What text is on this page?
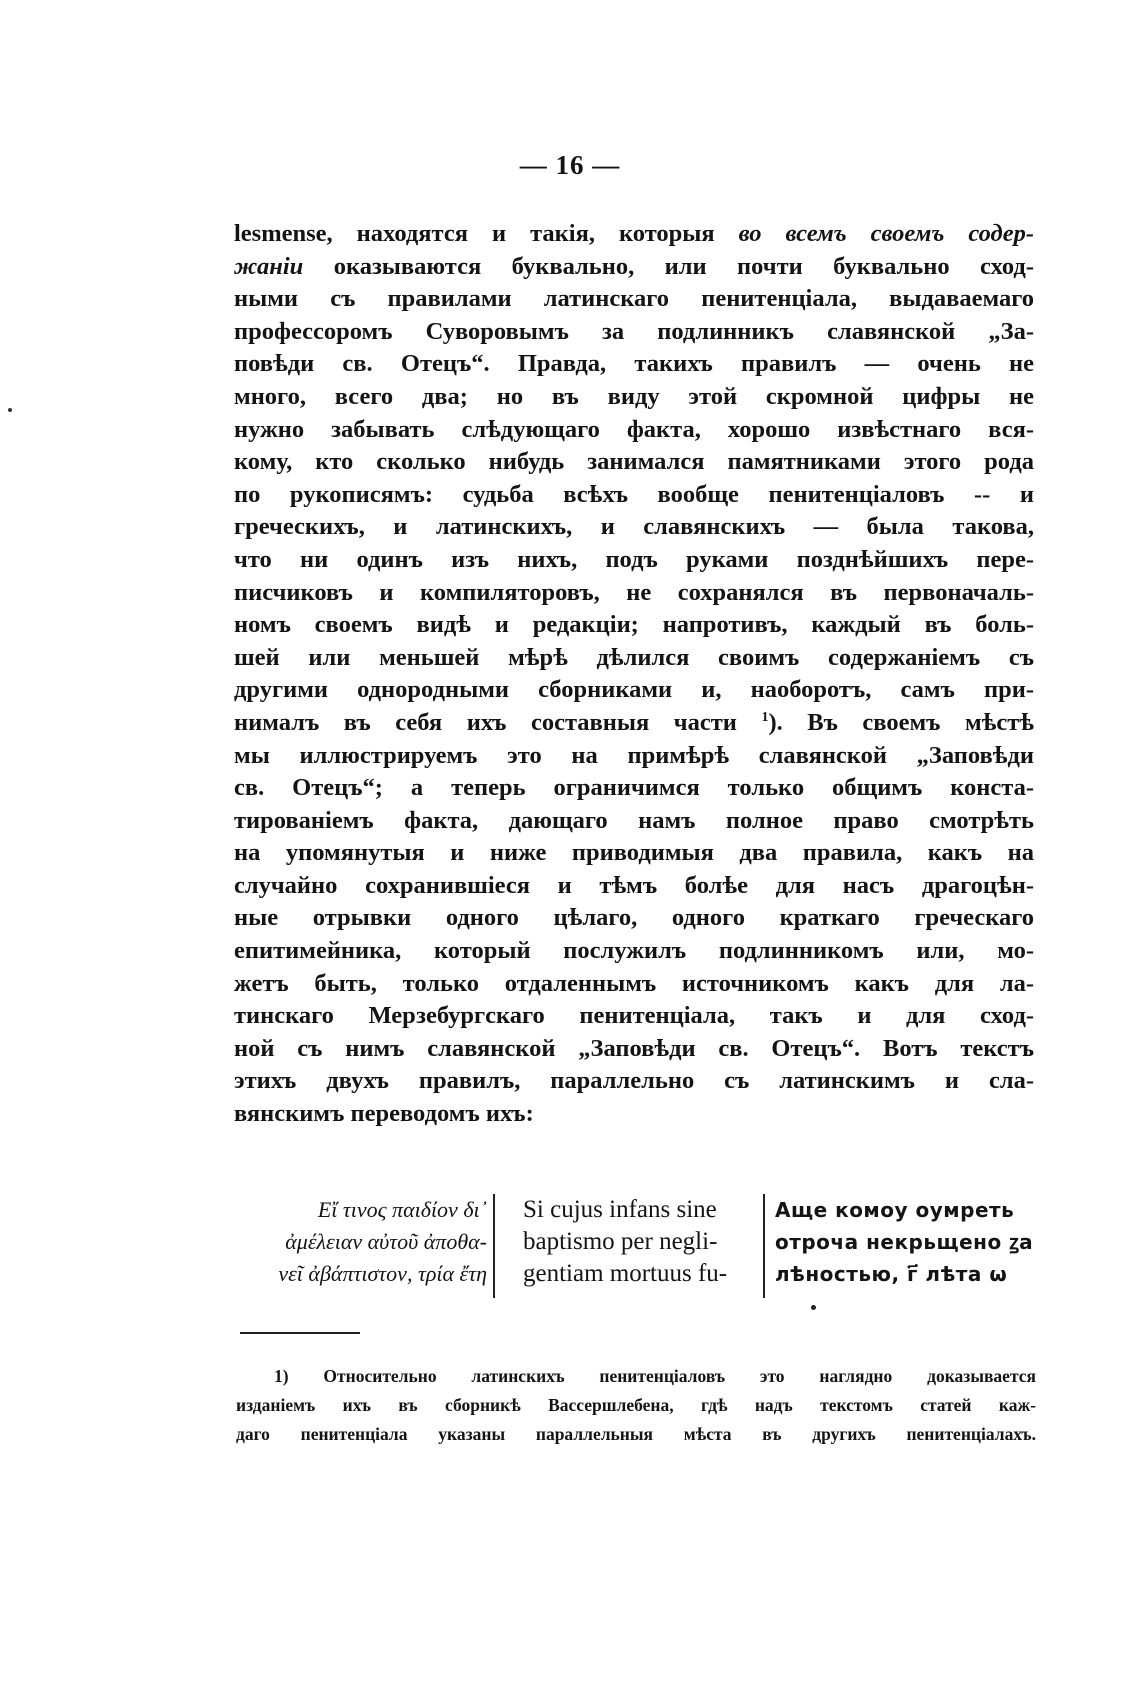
— 16 —
lesmense, находятся и такія, которыя во всемъ своемъ содер-
жаніи оказываются буквально, или почти буквально сход-
ными съ правилами латинскаго пенитенціала, выдаваемаго
профессоромъ Суворовымъ за подлинникъ славянской „За-
повѣди св. Отецъ“. Правда, такихъ правилъ — очень не
много, всего два; но въ виду этой скромной цифры не
нужно забывать слѣдующаго факта, хорошо извѣстнаго вся-
кому, кто сколько нибудь занимался памятниками этого рода
по рукописямъ: судьба всѣхъ вообще пенитенціаловъ -- и
греческихъ, и латинскихъ, и славянскихъ — была такова,
что ни одинъ изъ нихъ, подъ руками позднѣйшихъ пере-
писчиковъ и компиляторовъ, не сохранялся въ первоначаль-
номъ своемъ видѣ и редакціи; напротивъ, каждый въ боль-
шей или меньшей мѣрѣ дѣлился своимъ содержаніемъ съ
другими однородными сборниками и, наоборотъ, самъ при-
нималъ въ себя ихъ составныя части $^1$). Въ своемъ мѣстѣ
мы иллюстрируемъ это на примѣрѣ славянской „Заповѣди
св. Отецъ“; а теперь ограничимся только общимъ конста-
тированіемъ факта, дающаго намъ полное право смотрѣть
на упомянутыя и ниже приводимыя два правила, какъ на
случайно сохранившіеся и тѣмъ болѣе для насъ драгоцѣн-
ные отрывки одного цѣлаго, одного краткаго греческаго
епитимейника, который послужилъ подлинникомъ или, мо-
жетъ быть, только отдаленнымъ источникомъ какъ для ла-
тинскаго Мерзебургскаго пенитенціала, такъ и для сход-
ной съ нимъ славянской „Заповѣди св. Отецъ“. Вотъ текстъ
этихъ двухъ правилъ, параллельно съ латинскимъ и сла-
вянскимъ переводомъ ихъ:
Εἴ τινος παιδίον δι᾽
ἀμέλειαν αὐτοῦ ἀποθα-
νεῖ ἀβάπτιστον, τρία ἔτη
Si cujus infans sine
baptismo per negli-
gentiam mortuus fu-
Аще комоу оумреть
отроча некрьщено ꙁа
лѣностью, г҃ лѣта ѡ
1) Относительно латинскихъ пенитенціаловъ это наглядно доказывается
изданіемъ ихъ въ сборникѣ Вассершлебена, гдѣ надъ текстомъ статей каж-
даго пенитенціала указаны параллельныя мѣста въ другихъ пенитенціалахъ.
